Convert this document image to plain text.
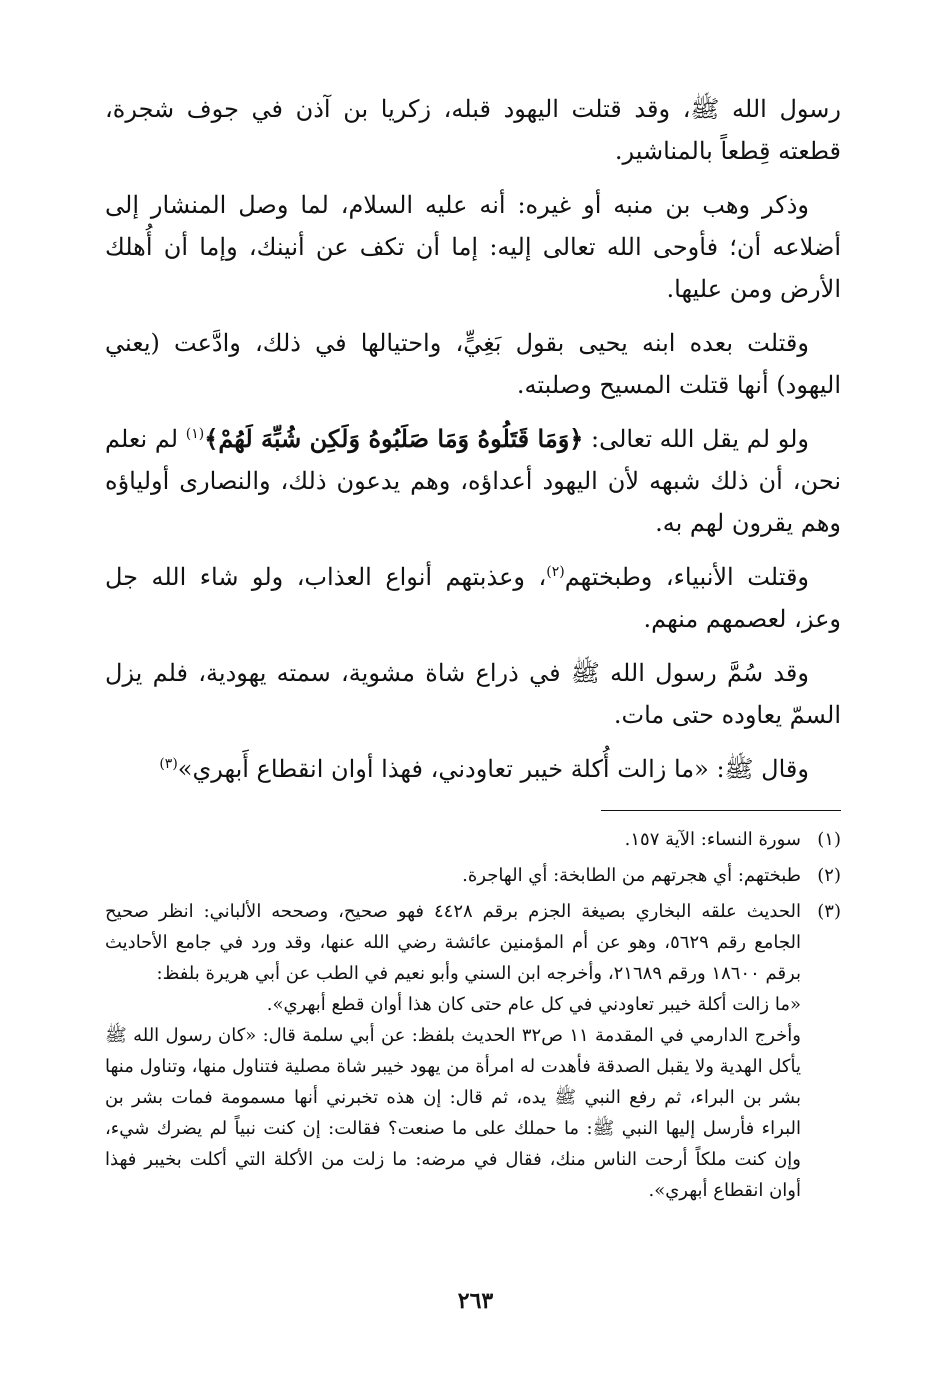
رسول الله ﷺ، وقد قتلت اليهود قبله، زكريا بن آذن في جوف شجرة، قطعته قِطعاً بالمناشير.

وذكر وهب بن منبه أو غيره: أنه عليه السلام، لما وصل المنشار إلى أضلاعه أن؛ فأوحى الله تعالى إليه: إما أن تكف عن أنينك، وإما أن أُهلك الأرض ومن عليها.

وقتلت بعده ابنه يحيى بقول بَغِيٍّ، واحتيالها في ذلك، وادَّعت (يعني اليهود) أنها قتلت المسيح وصلبته.

ولو لم يقل الله تعالى: ﴿وَمَا قَتَلُوهُ وَمَا صَلَبُوهُ وَلَكِن شُبِّهَ لَهُمْ﴾$^{(١)}$ لم نعلم نحن، أن ذلك شبهه لأن اليهود أعداؤه، وهم يدعون ذلك، والنصارى أولياؤه وهم يقرون لهم به.

وقتلت الأنبياء، وطبختهم$^{(٢)}$، وعذبتهم أنواع العذاب، ولو شاء الله جل وعز، لعصمهم منهم.

وقد سُمَّ رسول الله ﷺ في ذراع شاة مشوية، سمته يهودية، فلم يزل السمّ يعاوده حتى مات.

وقال ﷺ: «ما زالت أُكلة خيبر تعاودني، فهذا أوان انقطاع أَبهري»$^{(٣)}$

(١)

سورة النساء: الآية ١٥٧.

(٢)

طبختهم: أي هجرتهم من الطابخة: أي الهاجرة.

(٣)

الحديث علقه البخاري بصيغة الجزم برقم ٤٤٢٨ فهو صحيح، وصححه الألباني: انظر صحيح الجامع رقم ٥٦٢٩، وهو عن أم المؤمنين عائشة رضي الله عنها، وقد ورد في جامع الأحاديث برقم ١٨٦٠٠ ورقم ٢١٦٨٩، وأخرجه ابن السني وأبو نعيم في الطب عن أبي هريرة بلفظ:

«ما زالت أكلة خيبر تعاودني في كل عام حتى كان هذا أوان قطع أبهري».

وأخرج الدارمي في المقدمة ١١ ص٣٢ الحديث بلفظ: عن أبي سلمة قال: «كان رسول الله ﷺ يأكل الهدية ولا يقبل الصدقة فأهدت له امرأة من يهود خيبر شاة مصلية فتناول منها، وتناول منها بشر بن البراء، ثم رفع النبي ﷺ يده، ثم قال: إن هذه تخبرني أنها مسمومة فمات بشر بن البراء فأرسل إليها النبي ﷺ: ما حملك على ما صنعت؟ فقالت: إن كنت نبياً لم يضرك شيء، وإن كنت ملكاً أرحت الناس منك، فقال في مرضه: ما زلت من الأكلة التي أكلت بخيبر فهذا أوان انقطاع أبهري».

٢٦٣
